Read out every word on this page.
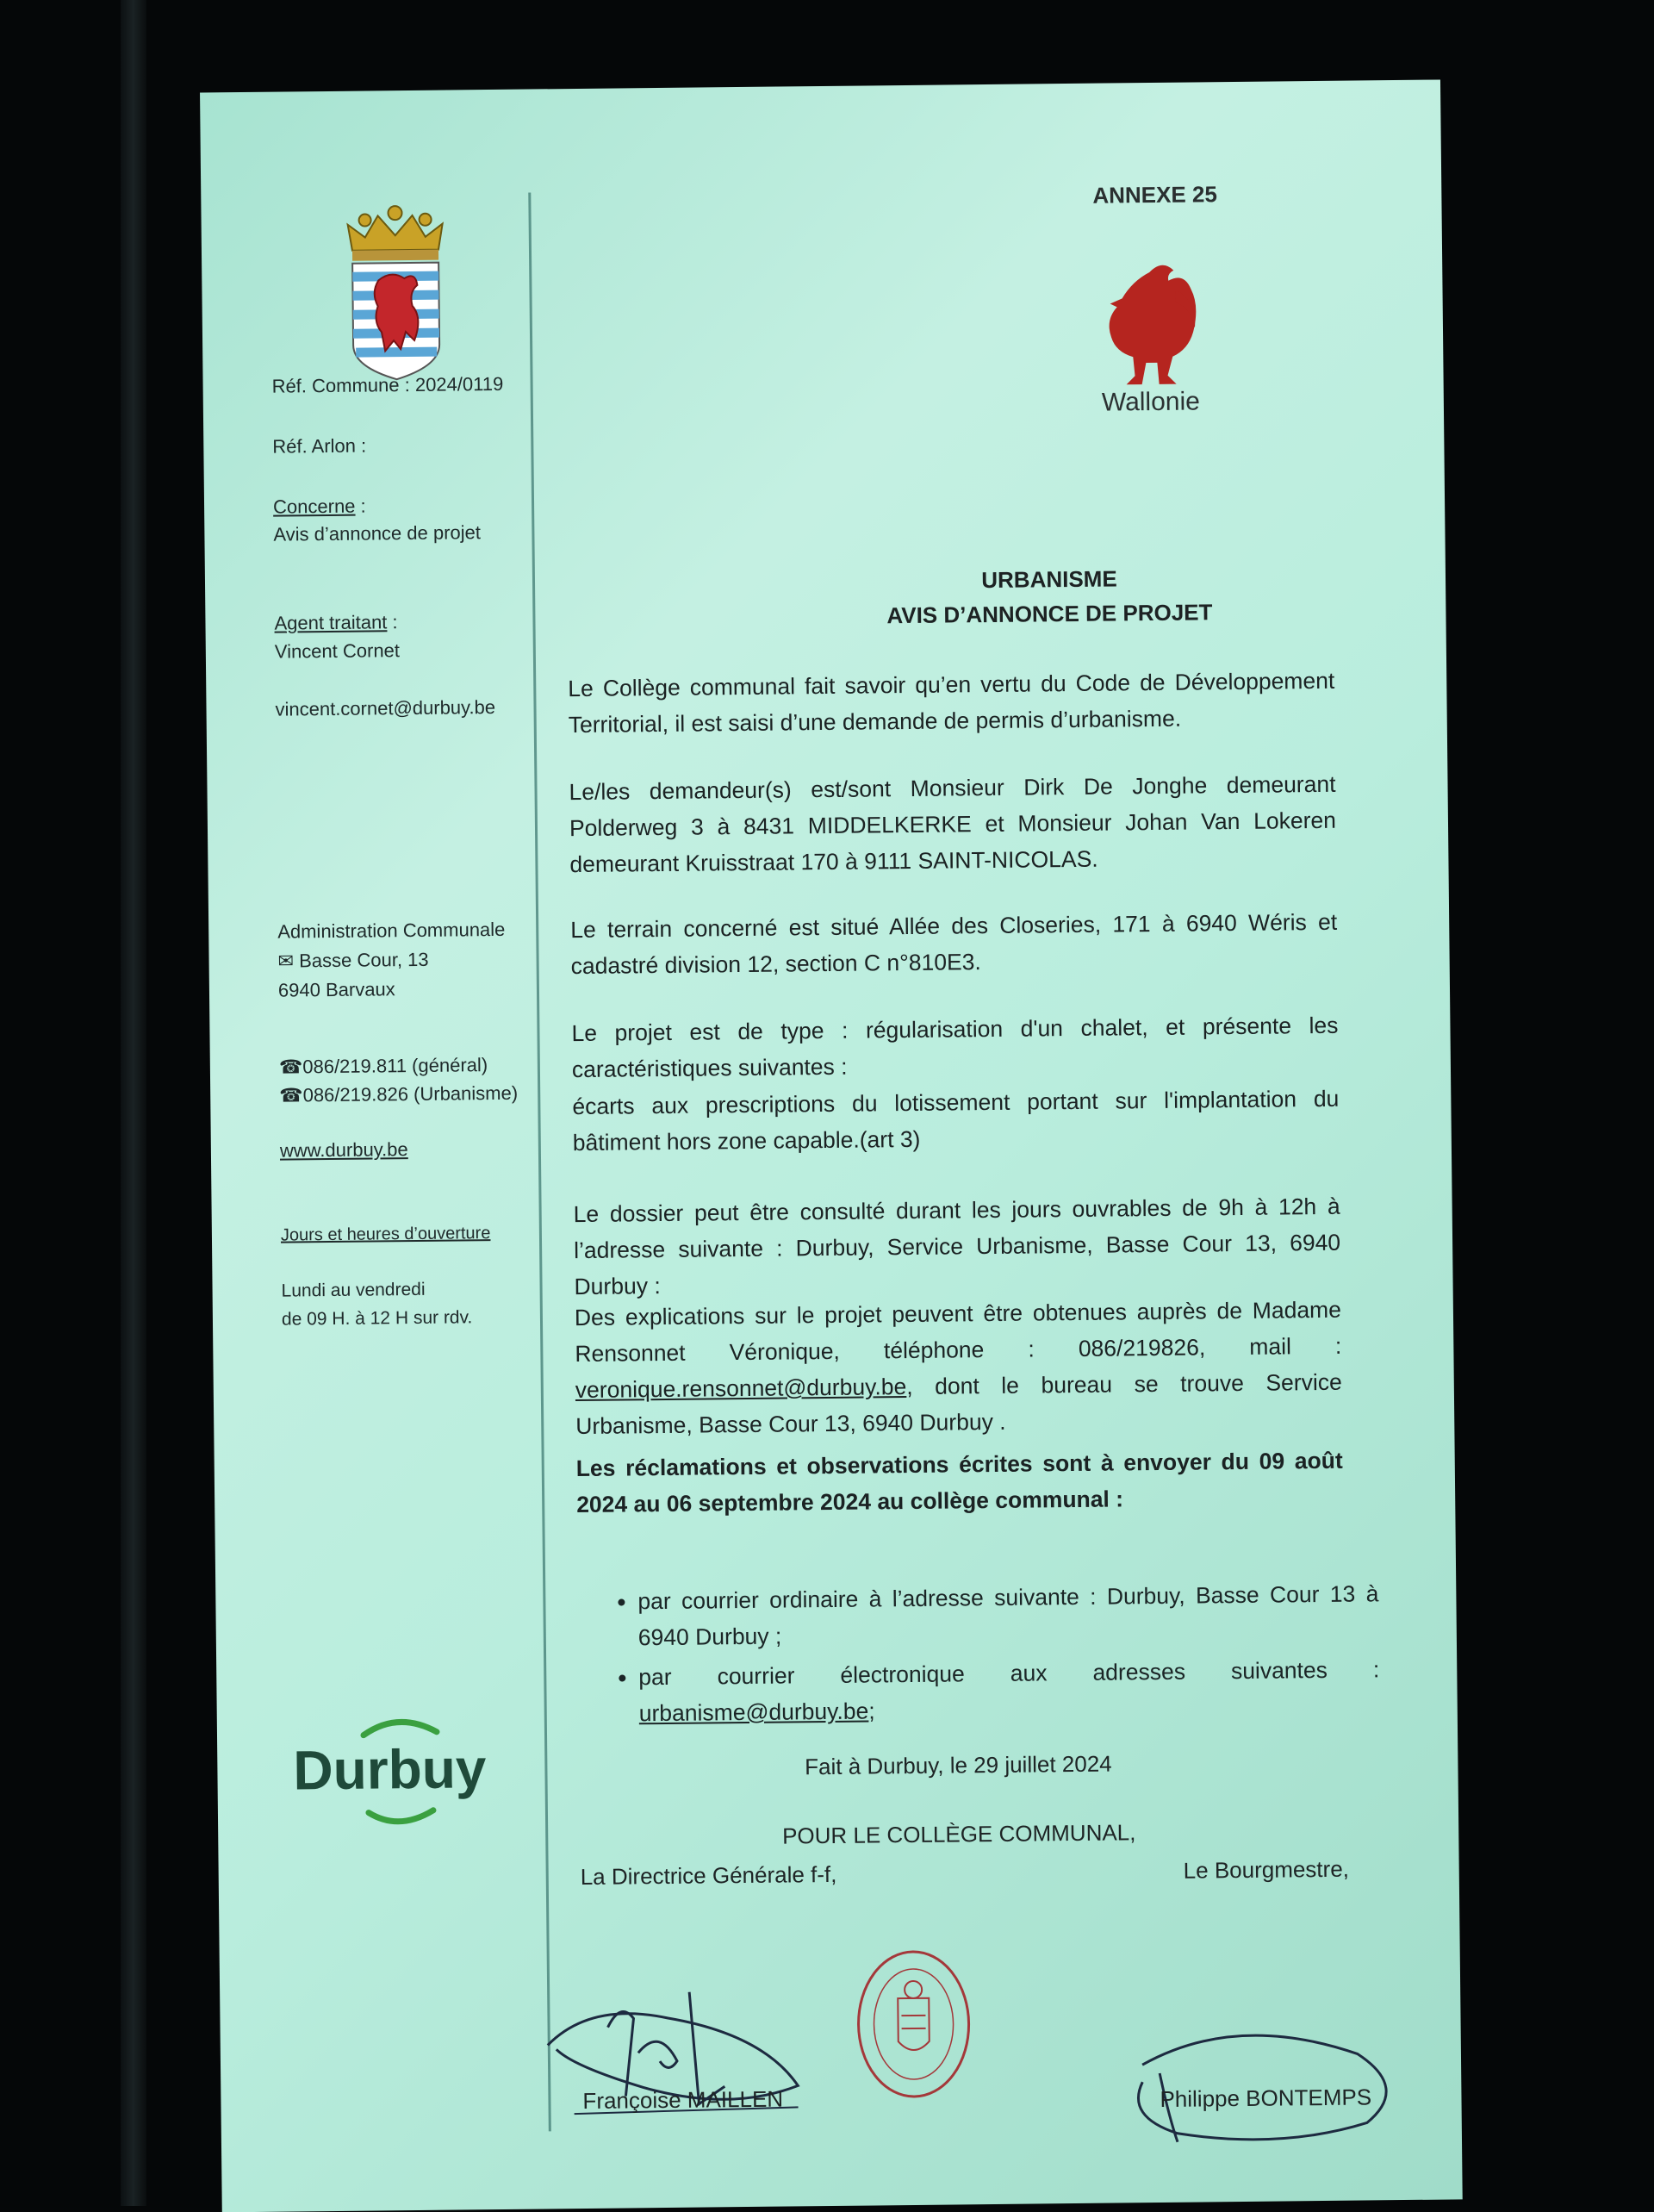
Réf. Commune : 2024/0119
Réf. Arlon :
Concerne :
Avis d’annonce de projet
Agent traitant :
Vincent Cornet
vincent.cornet@durbuy.be
Administration Communale
✉ Basse Cour, 13
6940 Barvaux
☎086/219.811 (général)
☎086/219.826 (Urbanisme)
www.durbuy.be
Jours et heures d’ouverture
Lundi au vendredi
de 09 H. à 12 H sur rdv.
Durbuy
ANNEXE 25
Wallonie
URBANISME
AVIS D’ANNONCE DE PROJET
Le Collège communal fait savoir qu’en vertu du Code de Développement Territorial, il est saisi d’une demande de permis d’urbanisme.
Le/les demandeur(s) est/sont Monsieur Dirk De Jonghe demeurant Polderweg 3 à 8431 MIDDELKERKE et Monsieur Johan Van Lokeren demeurant Kruisstraat 170 à 9111 SAINT-NICOLAS.
Le terrain concerné est situé Allée des Closeries, 171 à 6940 Wéris et cadastré division 12, section C n°810E3.
Le projet est de type : régularisation d'un chalet, et présente les caractéristiques suivantes :
écarts aux prescriptions du lotissement portant sur l'implantation du bâtiment hors zone capable.(art 3)
Le dossier peut être consulté durant les jours ouvrables de 9h à 12h à l’adresse suivante : Durbuy, Service Urbanisme, Basse Cour 13, 6940 Durbuy :
Des explications sur le projet peuvent être obtenues auprès de Madame Rensonnet Véronique, téléphone : 086/219826, mail : veronique.rensonnet@durbuy.be, dont le bureau se trouve Service Urbanisme, Basse Cour 13, 6940 Durbuy .
Les réclamations et observations écrites sont à envoyer du 09 août 2024 au 06 septembre 2024 au collège communal :
• par courrier ordinaire à l’adresse suivante : Durbuy, Basse Cour 13 à 6940 Durbuy ;
• par courrier électronique aux adresses suivantes : urbanisme@durbuy.be;
Fait à Durbuy, le 29 juillet 2024
POUR LE COLLÈGE COMMUNAL,
La Directrice Générale f-f,	Le Bourgmestre,
Françoise MAILLEN	Philippe BONTEMPS
